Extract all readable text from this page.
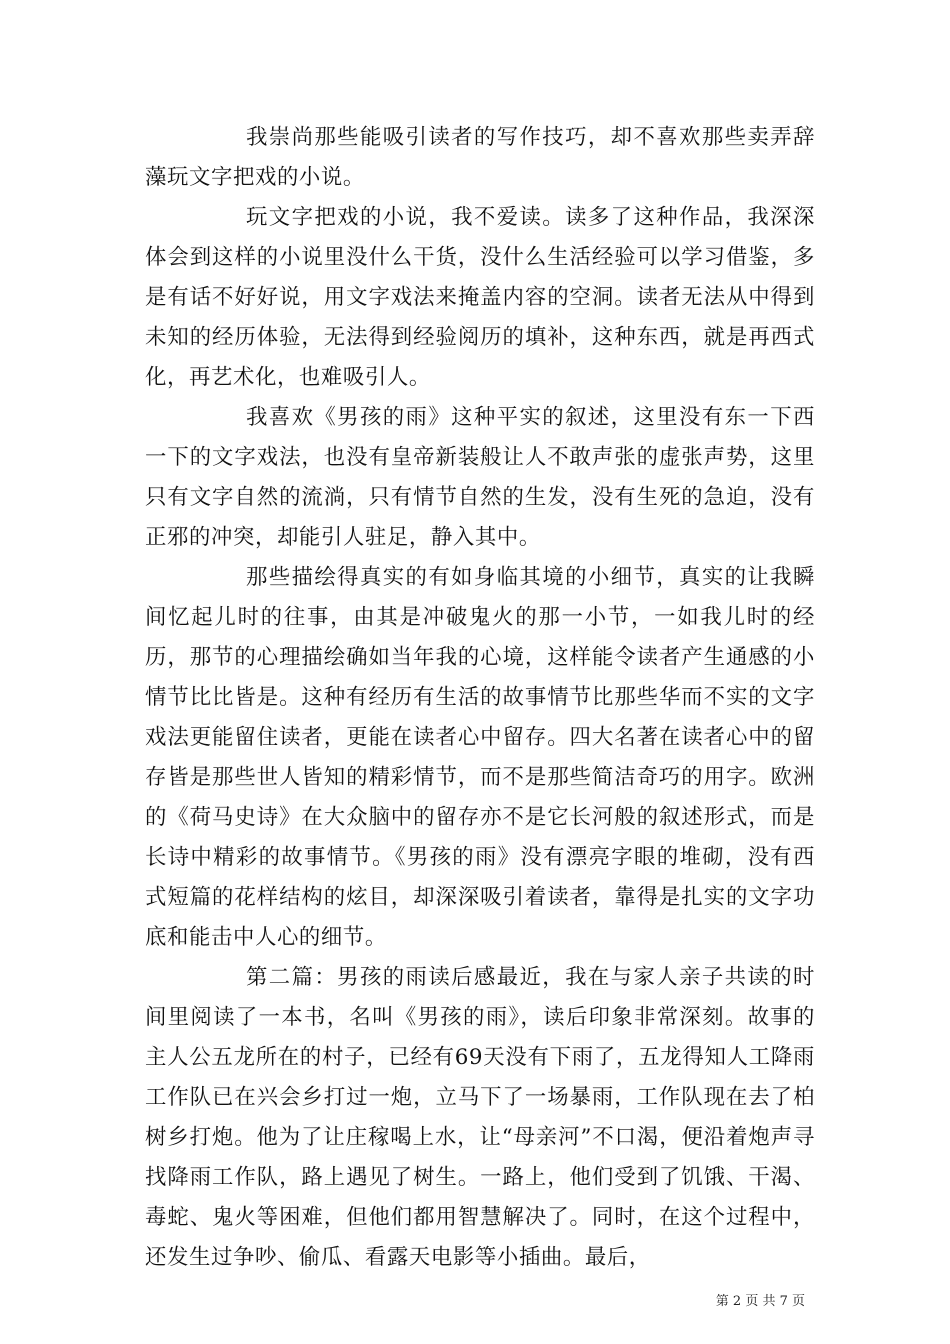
我崇尚那些能吸引读者的写作技巧，却不喜欢那些卖弄辞藻玩文字把戏的小说。

玩文字把戏的小说，我不爱读。读多了这种作品，我深深体会到这样的小说里没什么干货，没什么生活经验可以学习借鉴，多是有话不好好说，用文字戏法来掩盖内容的空洞。读者无法从中得到未知的经历体验，无法得到经验阅历的填补，这种东西，就是再西式化，再艺术化，也难吸引人。

我喜欢《男孩的雨》这种平实的叙述，这里没有东一下西一下的文字戏法，也没有皇帝新装般让人不敢声张的虚张声势，这里只有文字自然的流淌，只有情节自然的生发，没有生死的急迫，没有正邪的冲突，却能引人驻足，静入其中。

那些描绘得真实的有如身临其境的小细节，真实的让我瞬间忆起儿时的往事，由其是冲破鬼火的那一小节，一如我儿时的经历，那节的心理描绘确如当年我的心境，这样能令读者产生通感的小情节比比皆是。这种有经历有生活的故事情节比那些华而不实的文字戏法更能留住读者，更能在读者心中留存。四大名著在读者心中的留存皆是那些世人皆知的精彩情节，而不是那些简洁奇巧的用字。欧洲的《荷马史诗》在大众脑中的留存亦不是它长河般的叙述形式，而是长诗中精彩的故事情节。《男孩的雨》没有漂亮字眼的堆砌，没有西式短篇的花样结构的炫目，却深深吸引着读者，靠得是扎实的文字功底和能击中人心的细节。

第二篇：男孩的雨读后感最近，我在与家人亲子共读的时间里阅读了一本书，名叫《男孩的雨》，读后印象非常深刻。故事的主人公五龙所在的村子，已经有69天没有下雨了，五龙得知人工降雨工作队已在兴会乡打过一炮，立马下了一场暴雨，工作队现在去了柏树乡打炮。他为了让庄稼喝上水，让“母亲河”不口渴，便沿着炮声寻找降雨工作队，路上遇见了树生。一路上，他们受到了饥饿、干渴、毒蛇、鬼火等困难，但他们都用智慧解决了。同时，在这个过程中，还发生过争吵、偷瓜、看露天电影等小插曲。最后，

第 2 页 共 7 页
